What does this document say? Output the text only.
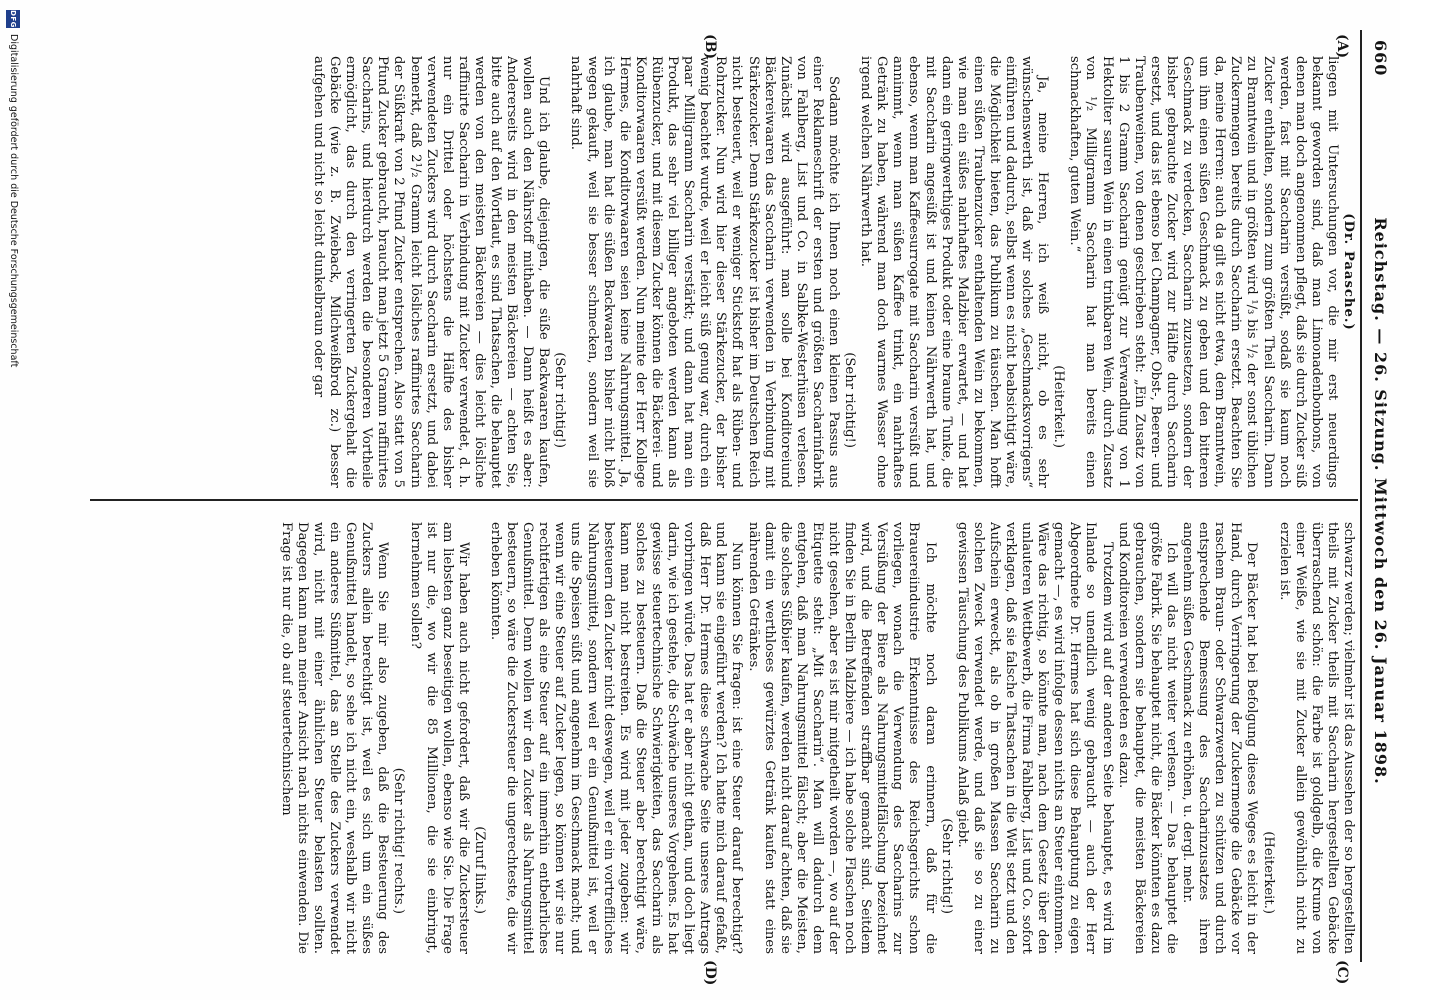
660
Reichstag. — 26. Sitzung. Mittwoch den 26. Januar 1898.
(A)
(B)
(C)
(D)

(Dr. Paasche.)

liegen mit Untersuchungen vor, die mir erst neuerdings bekannt geworden sind, daß man Limonadenbonbons, von denen man doch angenommen pflegt, daß sie durch Zucker süß werden, fast mit Saccharin versüßt, sodaß sie kaum noch Zucker enthalten, sondern zum größten Theil Saccharin. Dann zu Branntwein und in größten wird ¹/₃ bis ¹/₂ der sonst üblichen Zuckermengen bereits durch Saccharin ersetzt. Beachten Sie da, meine Herren: auch da gilt es nicht etwa, dem Branntwein, um ihm einen süßen Geschmack zu geben und den bitteren Geschmack zu verdecken, Saccharin zuzusetzen, sondern der bisher gebrauchte Zucker wird zur Hälfte durch Saccharin ersetzt, und das ist ebenso bei Champagner, Obst-, Beeren- und Traubenweinen, von denen geschrieben steht: „Ein Zusatz von 1 bis 2 Gramm Saccharin genügt zur Verwandlung von 1 Hektoliter sauren Wein in einen trinkbaren Wein, durch Zusatz von ¹/₂ Milligramm Saccharin hat man bereits einen schmackhaften, guten Wein.“

(Heiterkeit.)

Ja, meine Herren, ich weiß nicht, ob es sehr wünschenswerth ist, daß wir solches „Geschmacksvorrigens“ einführen und dadurch, selbst wenn es nicht beabsichtigt wäre, die Möglichkeit bieten, das Publikum zu täuschen. Man hofft einen süßen Traubenzucker enthaltenden Wein zu bekommen, wie man ein süßes nahrhaftes Malzbier erwartet, — und hat dann ein geringwerthiges Produkt oder eine braune Tunke, die mit Saccharin angesüßt ist und keinen Nährwerth hat, und ebenso, wenn man Kaffeesurrogate mit Saccharin versüßt und annimmt, wenn man süßen Kaffee trinkt, ein nahrhaftes Getränk zu haben, während man doch warmes Wasser ohne irgend welchen Nährwerth hat.

(Sehr richtig!)

Sodann möchte ich Ihnen noch einen kleinen Passus aus einer Reklameschrift der ersten und größten Saccharinfabrik von Fahlberg, List und Co. in Salbke-Westerhüsen verlesen. Zunächst wird ausgeführt: man solle bei Konditoreiund Bäckereiwaaren das Saccharin verwenden in Verbindung mit Stärkezucker. Denn Stärkezucker ist bisher im Deutschen Reich nicht besteuert, weil er weniger Stickstoff hat als Rüben- und Rohrzucker. Nun wird hier dieser Stärkezucker, der bisher wenig beachtet wurde, weil er leicht süß genug war, durch ein paar Milligramm Saccharin verstärkt; und dann hat man ein Produkt, das sehr viel billiger angeboten werden kann als Rübenzucker, und mit diesem Zucker können die Bäckerei- und Konditorwaaren versüßt werden. Nun meinte der Herr Kollege Hermes, die Konditorwaaren seien keine Nahrungsmittel. Ja, ich glaube, man hat die süßen Backwaaren bisher nicht bloß wegen gekauft, weil sie besser schmecken, sondern weil sie nahrhaft sind.

(Sehr richtig!)

Und ich glaube, diejenigen, die süße Backwaaren kaufen, wollen auch den Nährstoff mithaben. — Dann heißt es aber: Andererseits wird in den meisten Bäckereien — achten Sie, bitte auch auf den Wortlaut, es sind Thatsachen, die behauptet werden von den meisten Bäckereien — dies leicht lösliche raffinirte Saccharin in Verbindung mit Zucker verwendet, d. h. nur ein Drittel oder höchstens die Hälfte des bisher verwendeten Zuckers wird durch Saccharin ersetzt, und dabei bemerkt, daß 2¹/₂ Gramm leicht lösliches raffinirtes Saccharin der Süßkraft von 2 Pfund Zucker entsprechen. Also statt von 5 Pfund Zucker gebraucht, braucht man jetzt 5 Gramm raffinirtes Saccharins, und hierdurch werden die besonderen Vortheile ermöglicht, das durch den verringerten Zuckergehalt die Gebäcke (wie z. B. Zwieback, Milchweißbrod zc.) besser aufgehen und nicht so leicht dunkelbraun oder gar

schwarz werden; vielmehr ist das Aussehen der so hergestellten theils mit Zucker theils mit Saccharin hergestellten Gebäcke überraschend schön: die Farbe ist goldgelb, die Krume von einer Weiße, wie sie mit Zucker allein gewöhnlich nicht zu erzielen ist.

(Heiterkeit.)

Der Bäcker hat bei Befolgung dieses Weges es leicht in der Hand, durch Verringerung der Zuckermenge die Gebäcke vor raschem Braun- oder Schwarzwerden zu schützen und durch entsprechende Bemessung des Saccharinzusatzes ihren angenehm süßen Geschmack zu erhöhen, u. dergl. mehr.

Ich will das nicht weiter verlesen. — Das behauptet die größte Fabrik. Sie behauptet nicht, die Bäcker könnten es dazu gebrauchen, sondern sie behauptet, die meisten Bäckereien und Konditoreien verwendeten es dazu.

Trotzdem wird auf der anderen Seite behauptet, es wird im Inlande so unendlich wenig gebraucht — auch der Herr Abgeordnete Dr. Hermes hat sich diese Behauptung zu eigen gemacht —, es wird infolge dessen nichts an Steuer eintommen. Wäre das richtig, so könnte man, nach dem Gesetz über den unlauteren Wettbewerb, die Firma Fahlberg, List und Co. sofort verklagen, daß sie falsche Thatsachen in die Welt setzt und den Aufschein erweckt, als ob in großen Massen Saccharin zu solchen Zweck verwendet werde, und daß sie so zu einer gewissen Täuschung des Publikums Anlaß giebt.

(Sehr richtig!)

Ich möchte noch daran erinnern, daß für die Brauereiindustrie Erkenntnisse des Reichsgerichts schon vorliegen, wonach die Verwendung des Saccharins zur Versüßung der Biere als Nahrungsmittelfälschung bezeichnet wird, und die Betreffenden straffbar gemacht sind. Seitdem finden Sie in Berlin Malzbiere — ich habe solche Flaschen noch nicht gesehen, aber es ist mir mitgetheilt worden —, wo auf der Etiquette steht: „Mit Saccharin“. Man will dadurch dem entgehen, daß man Nahrungsmittel fälscht; aber die Meisten, die solches Süßbier kaufen, werden nicht darauf achten, daß sie damit ein werthloses gewürztes Getränk kaufen statt eines nährenden Getränkes.

Nun können Sie fragen: ist eine Steuer darauf berechtigt? und kann sie eingeführt werden? Ich hatte mich darauf gefaßt, daß Herr Dr. Hermes diese schwache Seite unseres Antrags vorbringen würde. Das hat er aber nicht gethan, und doch liegt darin, wie ich gestehe, die Schwäche unseres Vorgehens. Es hat gewisse steuertechnische Schwierigkeiten, das Saccharin als solches zu besteuern. Daß die Steuer aber berechtigt wäre, kann man nicht bestreiten. Es wird mit jeder zugeben: wir besteuern den Zucker nicht deswegen, weil er ein vortreffliches Nahrungsmittel, sondern weil er ein Genußmittel ist, weil er uns die Speisen süßt und angenehm im Geschmack macht; und wenn wir eine Steuer auf Zucker legen, so können wir sie nur rechtfertigen als eine Steuer auf ein immerhin entbehrliches Genußmittel. Denn wollen wir den Zucker als Nahrungsmittel besteuern, so wäre die Zuckersteuer die ungerechteste, die wir erheben könnten.

(Zuruf links.)

Wir haben auch nicht gefordert, daß wir die Zuckersteuer am liebsten ganz beseitigen wollen, ebenso wie Sie. Die Frage ist nur die, wo wir die 85 Millionen, die sie einbringt, hernehmen sollen?

(Sehr richtig! rechts.)

Wenn Sie mir also zugeben, daß die Besteuerung des Zuckers allein berechtigt ist, weil es sich um ein süßes Genußmittel handelt, so sehe ich nicht ein, weshalb wir nicht ein anderes Süßmittel, das an Stelle des Zuckers verwendet wird, nicht mit einer ähnlichen Steuer belasten sollten. Dagegen kann man meiner Ansicht nach nichts einwenden. Die Frage ist nur die, ob auf steuertechnischem

DFG
Digitalisierung gefördert durch die Deutsche Forschungsgemeinschaft
